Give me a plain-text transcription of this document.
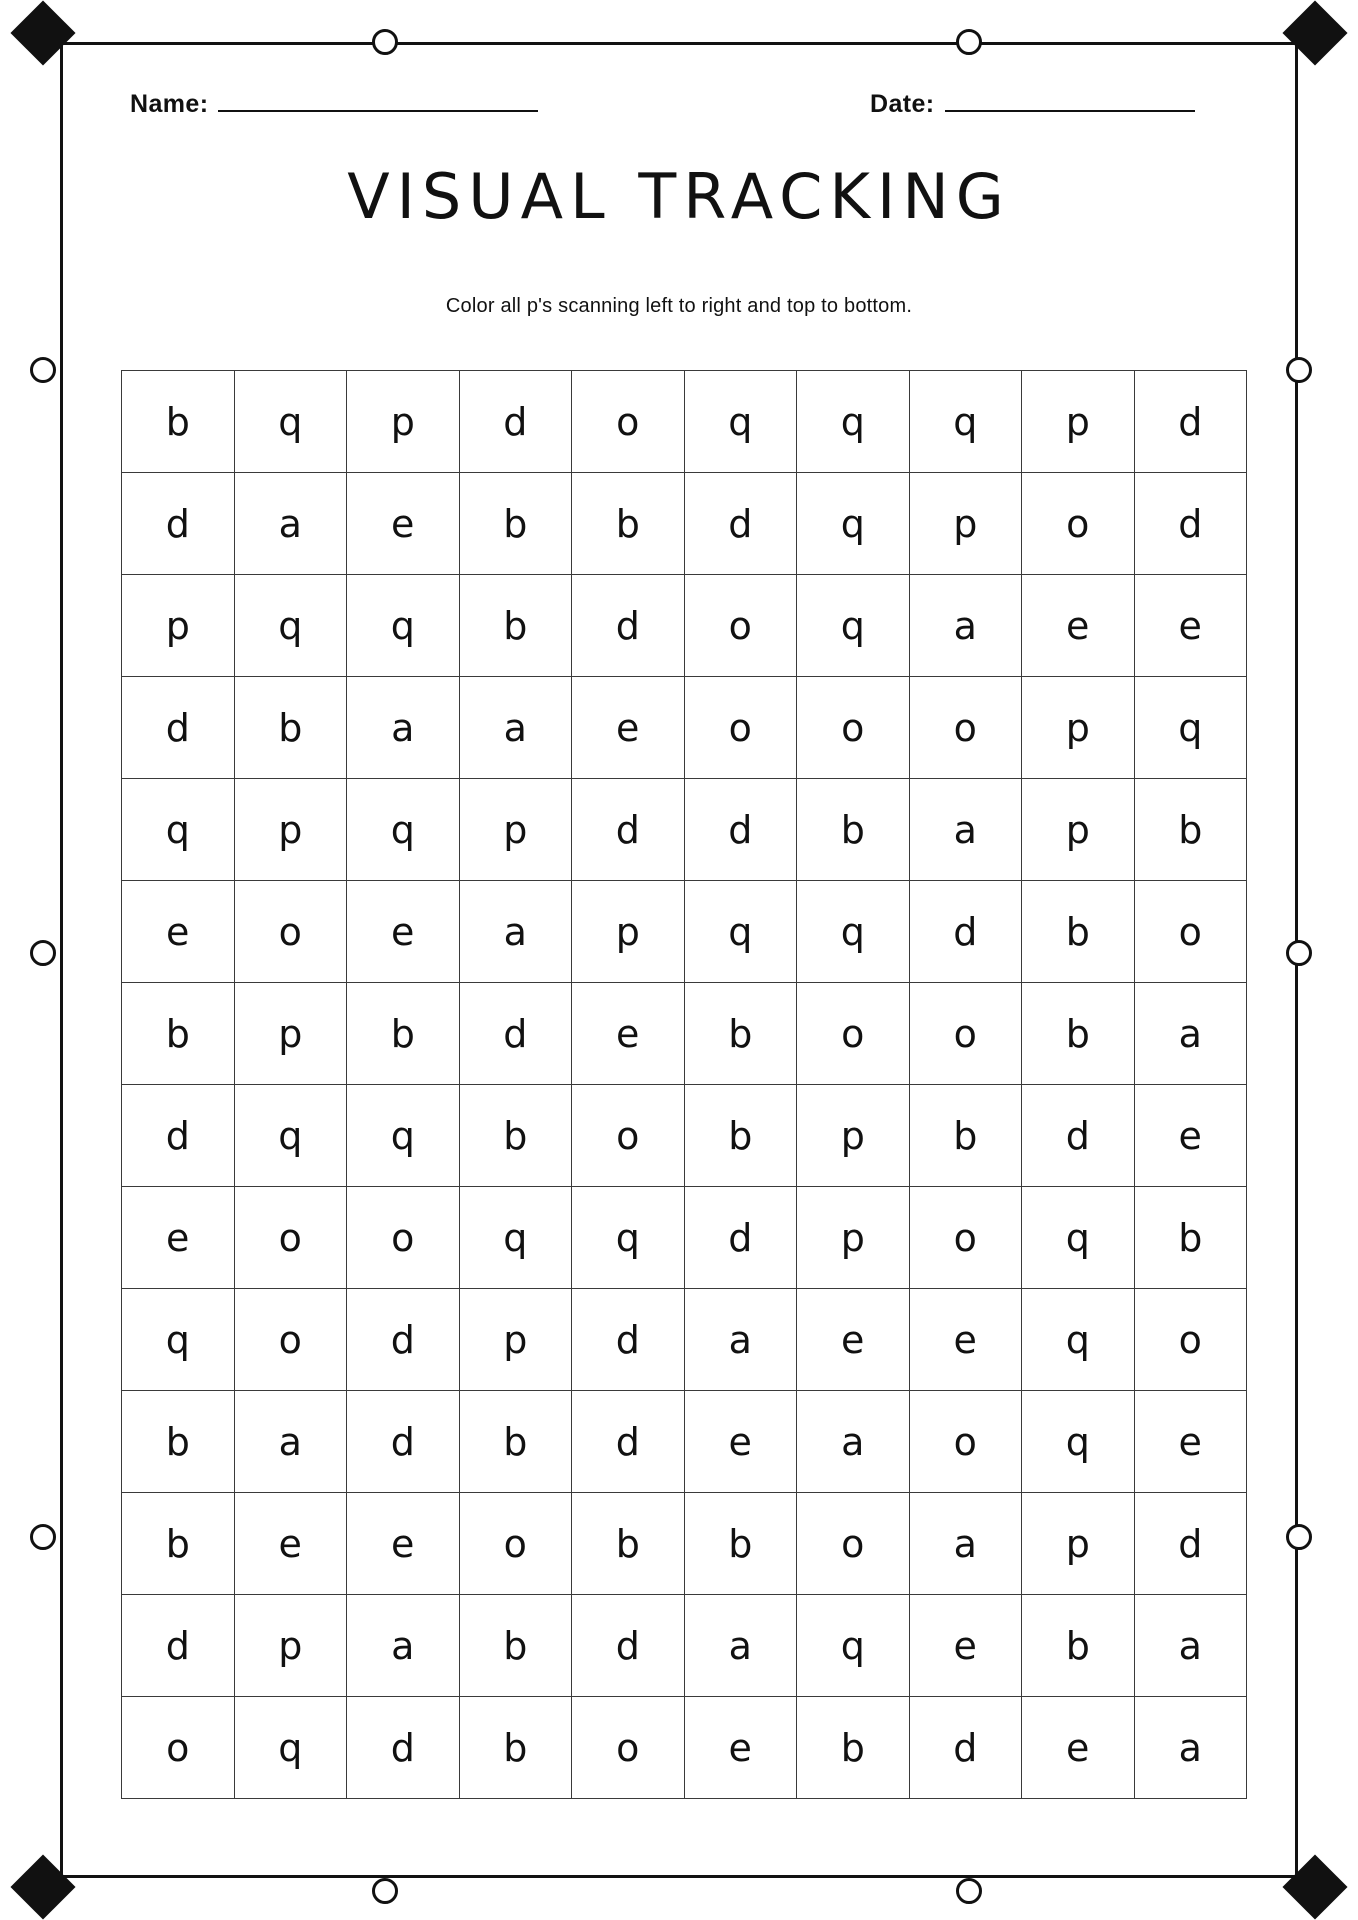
Name:	Date:
VISUAL TRACKING
Color all p's scanning left to right and top to bottom.
b	q	p	d	o	q	q	q	p	d
d	a	e	b	b	d	q	p	o	d
p	q	q	b	d	o	q	a	e	e
d	b	a	a	e	o	o	o	p	q
q	p	q	p	d	d	b	a	p	b
e	o	e	a	p	q	q	d	b	o
b	p	b	d	e	b	o	o	b	a
d	q	q	b	o	b	p	b	d	e
e	o	o	q	q	d	p	o	q	b
q	o	d	p	d	a	e	e	q	o
b	a	d	b	d	e	a	o	q	e
b	e	e	o	b	b	o	a	p	d
d	p	a	b	d	a	q	e	b	a
o	q	d	b	o	e	b	d	e	a
